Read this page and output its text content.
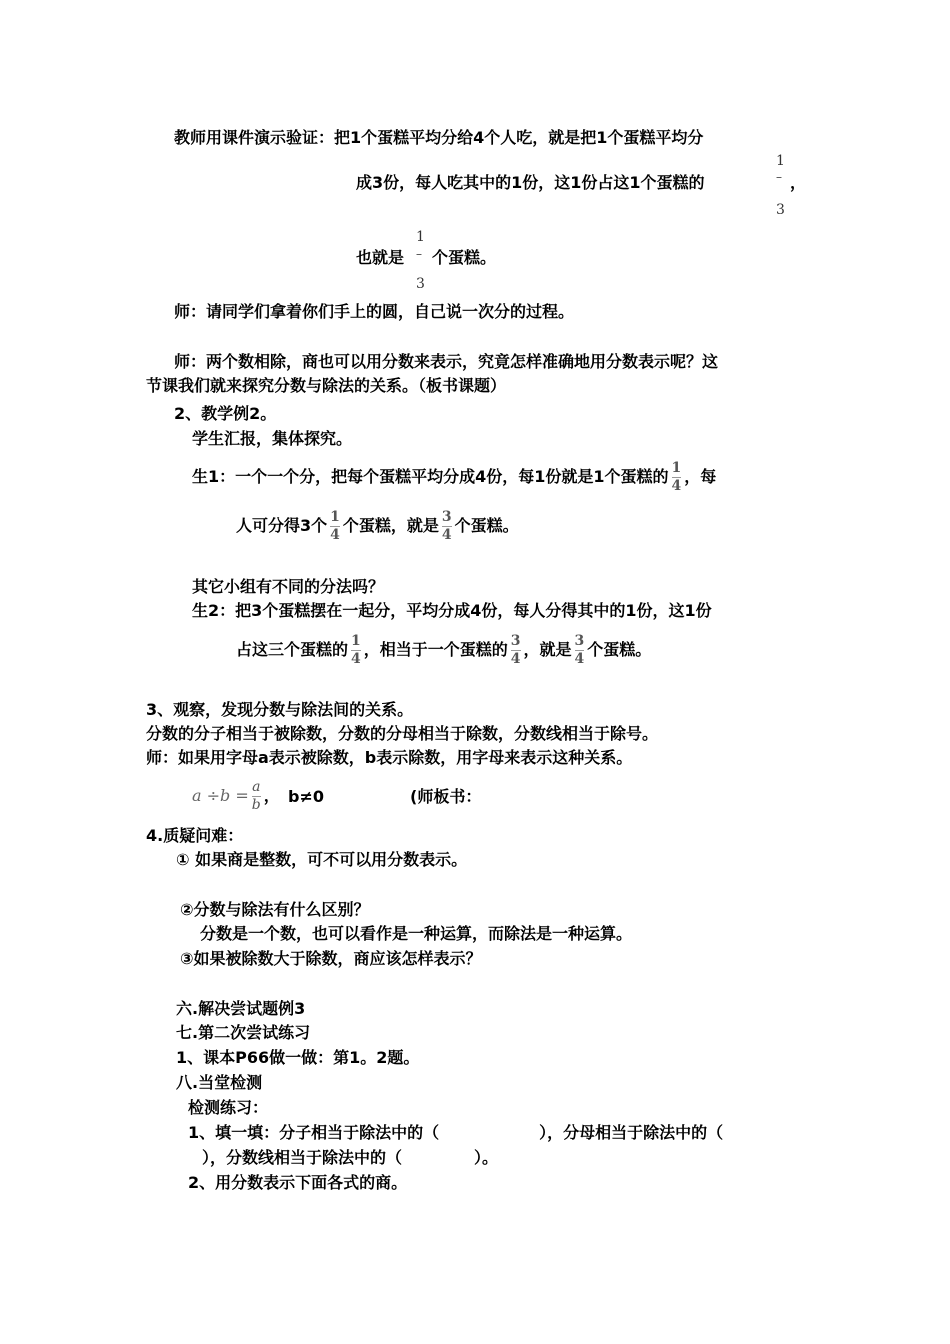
教师用课件演示验证：把1个蛋糕平均分给4个人吃，就是把1个蛋糕平均分
成3份，每人吃其中的1份，这1份占这1个蛋糕的
1
– ，
3
也就是
1
–
3
个蛋糕。
师：请同学们拿着你们手上的圆，自己说一次分的过程。
师：两个数相除，商也可以用分数来表示，究竟怎样准确地用分数表示呢？这
节课我们就来探究分数与除法的关系。（板书课题）
2、教学例2。
学生汇报，集体探究。
生1：一个一个分，把每个蛋糕平均分成4份，每1份就是1个蛋糕的 $\frac{1}{4}$ ，每
人可分得3个 $\frac{1}{4}$ 个蛋糕，就是 $\frac{3}{4}$ 个蛋糕。
其它小组有不同的分法吗？
生2：把3个蛋糕摆在一起分，平均分成4份，每人分得其中的1份，这1份
占这三个蛋糕的 $\frac{1}{4}$ ，相当于一个蛋糕的 $\frac{3}{4}$ ，就是 $\frac{3}{4}$ 个蛋糕。
3、观察，发现分数与除法间的关系。
分数的分子相当于被除数，分数的分母相当于除数，分数线相当于除号。
师：如果用字母a表示被除数，b表示除数，用字母来表示这种关系。
$a \div b = \frac{a}{b}$ ， b≠0	(师板书：
4.质疑问难：
① 如果商是整数，可不可以用分数表示。
②分数与除法有什么区别？
分数是一个数，也可以看作是一种运算，而除法是一种运算。
③如果被除数大于除数，商应该怎样表示？
六.解决尝试题例3
七.第二次尝试练习
1、课本P66做一做：第1。2题。
八.当堂检测
检测练习：
1、填一填：分子相当于除法中的（	），分母相当于除法中的（
），分数线相当于除法中的（	）。
2、用分数表示下面各式的商。
